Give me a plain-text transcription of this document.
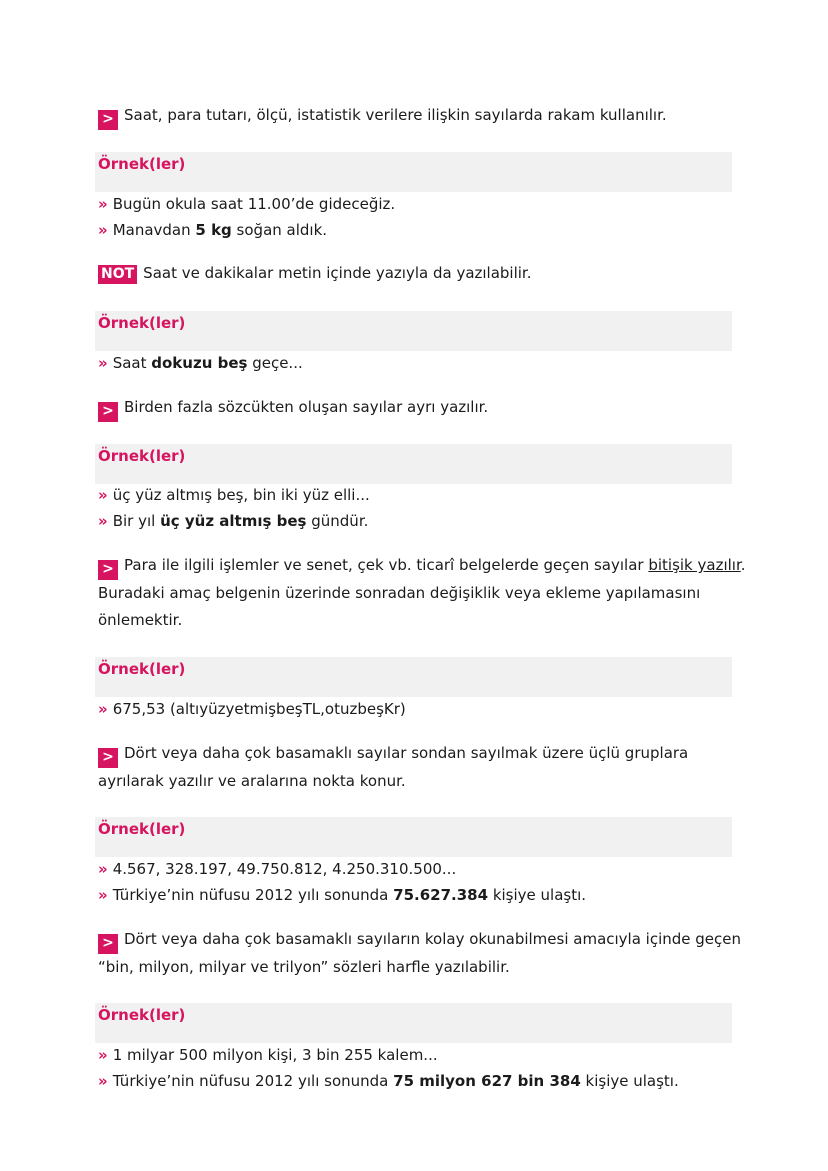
> Saat, para tutarı, ölçü, istatistik verilere ilişkin sayılarda rakam kullanılır.
Örnek(ler)
» Bugün okula saat 11.00’de gideceğiz.
» Manavdan 5 kg soğan aldık.
NOT Saat ve dakikalar metin içinde yazıyla da yazılabilir.
Örnek(ler)
» Saat dokuzu beş geçe...
> Birden fazla sözcükten oluşan sayılar ayrı yazılır.
Örnek(ler)
» üç yüz altmış beş, bin iki yüz elli...
» Bir yıl üç yüz altmış beş gündür.
> Para ile ilgili işlemler ve senet, çek vb. ticarî belgelerde geçen sayılar bitişik yazılır.
Buradaki amaç belgenin üzerinde sonradan değişiklik veya ekleme yapılamasını
önlemektir.
Örnek(ler)
» 675,53 (altıyüzyetmişbeşTL,otuzbeşKr)
> Dört veya daha çok basamaklı sayılar sondan sayılmak üzere üçlü gruplara
ayrılarak yazılır ve aralarına nokta konur.
Örnek(ler)
» 4.567, 328.197, 49.750.812, 4.250.310.500...
» Türkiye’nin nüfusu 2012 yılı sonunda 75.627.384 kişiye ulaştı.
> Dört veya daha çok basamaklı sayıların kolay okunabilmesi amacıyla içinde geçen
“bin, milyon, milyar ve trilyon” sözleri harfle yazılabilir.
Örnek(ler)
» 1 milyar 500 milyon kişi, 3 bin 255 kalem...
» Türkiye’nin nüfusu 2012 yılı sonunda 75 milyon 627 bin 384 kişiye ulaştı.
